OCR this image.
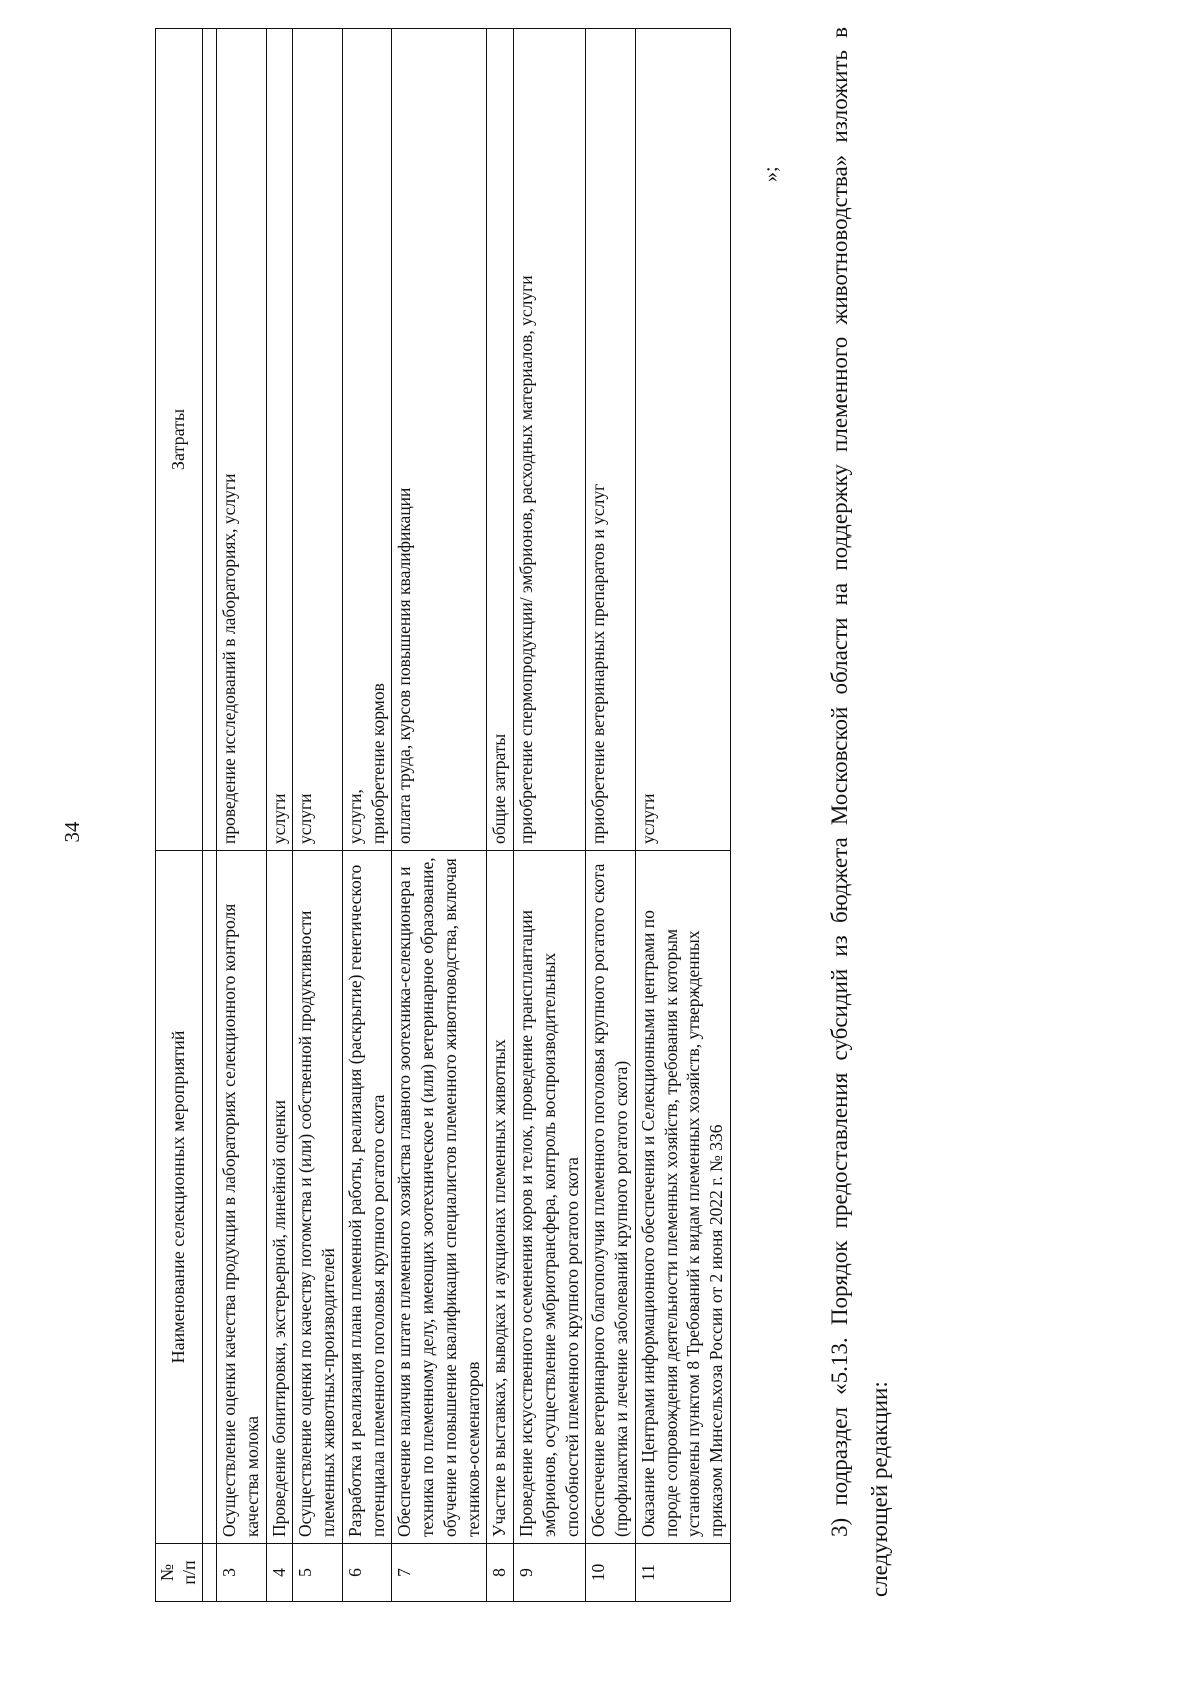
34
№
п/п	Наименование селекционных мероприятий	Затраты

3	Осуществление оценки качества продукции в лабораториях селекционного контроля качества молока	проведение исследований в лабораториях, услуги
4	Проведение бонитировки, экстерьерной, линейной оценки	услуги
5	Осуществление оценки по качеству потомства и (или) собственной продуктивности племенных животных-производителей	услуги
6	Разработка и реализация плана племенной работы, реализация (раскрытие) генетического потенциала племенного поголовья крупного рогатого скота	услуги,
приобретение кормов
7	Обеспечение наличия в штате племенного хозяйства главного зоотехника-селекционера и техника по племенному делу, имеющих зоотехническое и (или) ветеринарное образование, обучение и повышение квалификации специалистов племенного животноводства, включая техников-осеменаторов	оплата труда, курсов повышения квалификации
8	Участие в выставках, выводках и аукционах племенных животных	общие затраты
9	Проведение искусственного осеменения коров и телок, проведение трансплантации эмбрионов, осуществление эмбриотрансфера, контроль воспроизводительных способностей племенного крупного рогатого скота	приобретение спермопродукции/ эмбрионов, расходных материалов, услуги
10	Обеспечение ветеринарного благополучия племенного поголовья крупного рогатого скота (профилактика и лечение заболеваний крупного рогатого скота)	приобретение ветеринарных препаратов и услуг
11	Оказание Центрами информационного обеспечения и Селекционными центрами по породе сопровождения деятельности племенных хозяйств, требования к которым установлены пунктом 8 Требований к видам племенных хозяйств, утвержденных приказом Минсельхоза России от 2 июня 2022 г. № 336	услуги
»;	3) подраздел «5.13. Порядок предоставления субсидий из бюджета Московской области на поддержку племенного животноводства» изложить в следующей редакции:
